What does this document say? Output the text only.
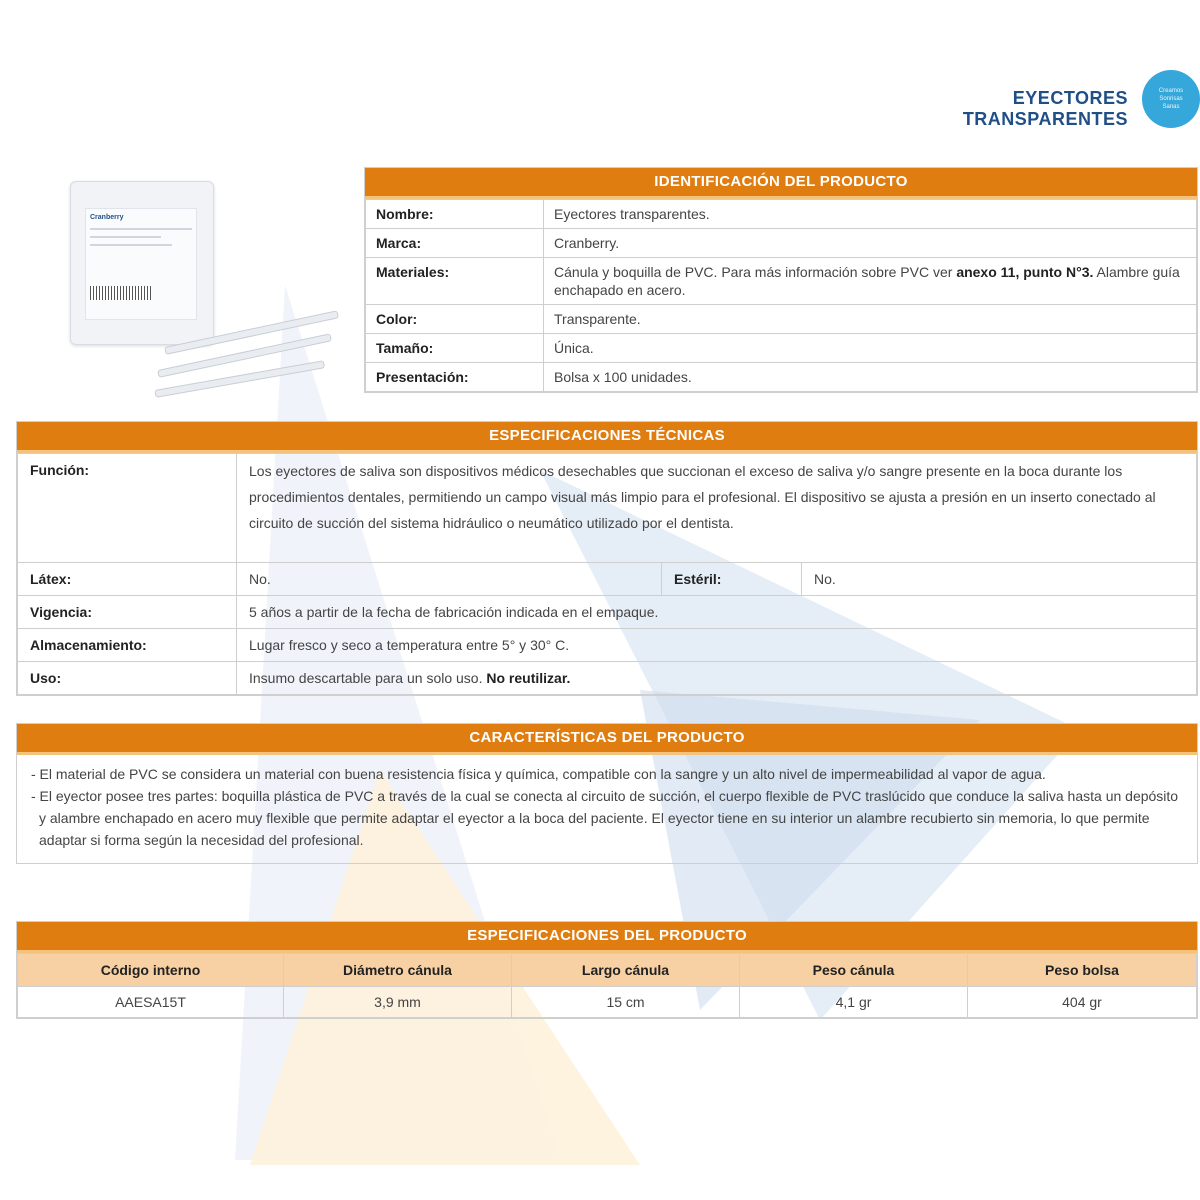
EYECTORES
TRANSPARENTES
Creamos
Sonrisas
Sanas
Cranberry
IDENTIFICACIÓN DEL PRODUCTO
Nombre:	Eyectores transparentes.
Marca:	Cranberry.
Materiales:	Cánula y boquilla de PVC. Para más información sobre PVC ver anexo 11, punto N°3. Alambre guía enchapado en acero.
Color:	Transparente.
Tamaño:	Única.
Presentación:	Bolsa x 100 unidades.
ESPECIFICACIONES TÉCNICAS
Función:	Los eyectores de saliva son dispositivos médicos desechables que succionan el exceso de saliva y/o sangre presente en la boca durante los procedimientos dentales, permitiendo un campo visual más limpio para el profesional. El dispositivo se ajusta a presión en un inserto conectado al circuito de succión del sistema hidráulico o neumático utilizado por el dentista.		
Látex:	No.	Estéril:	No.
Vigencia:	5 años a partir de la fecha de fabricación indicada en el empaque.		
Almacenamiento:	Lugar fresco y seco a temperatura entre 5° y 30° C.		
Uso:	Insumo descartable para un solo uso. No reutilizar.		
CARACTERÍSTICAS DEL PRODUCTO

- El material de PVC se considera un material con buena resistencia física y química, compatible con la sangre y un alto nivel de impermeabilidad al vapor de agua.

- El eyector posee tres partes: boquilla plástica de PVC a través de la cual se conecta al circuito de succión, el cuerpo flexible de PVC traslúcido que conduce la saliva hasta un depósito y alambre enchapado en acero muy flexible que permite adaptar el eyector a la boca del paciente. El eyector tiene en su interior un alambre recubierto sin memoria, lo que permite adaptar si forma según la necesidad del profesional.

ESPECIFICACIONES DEL PRODUCTO
Código interno	Diámetro cánula	Largo cánula	Peso cánula	Peso bolsa
AAESA15T	3,9 mm	15 cm	4,1 gr	404 gr
